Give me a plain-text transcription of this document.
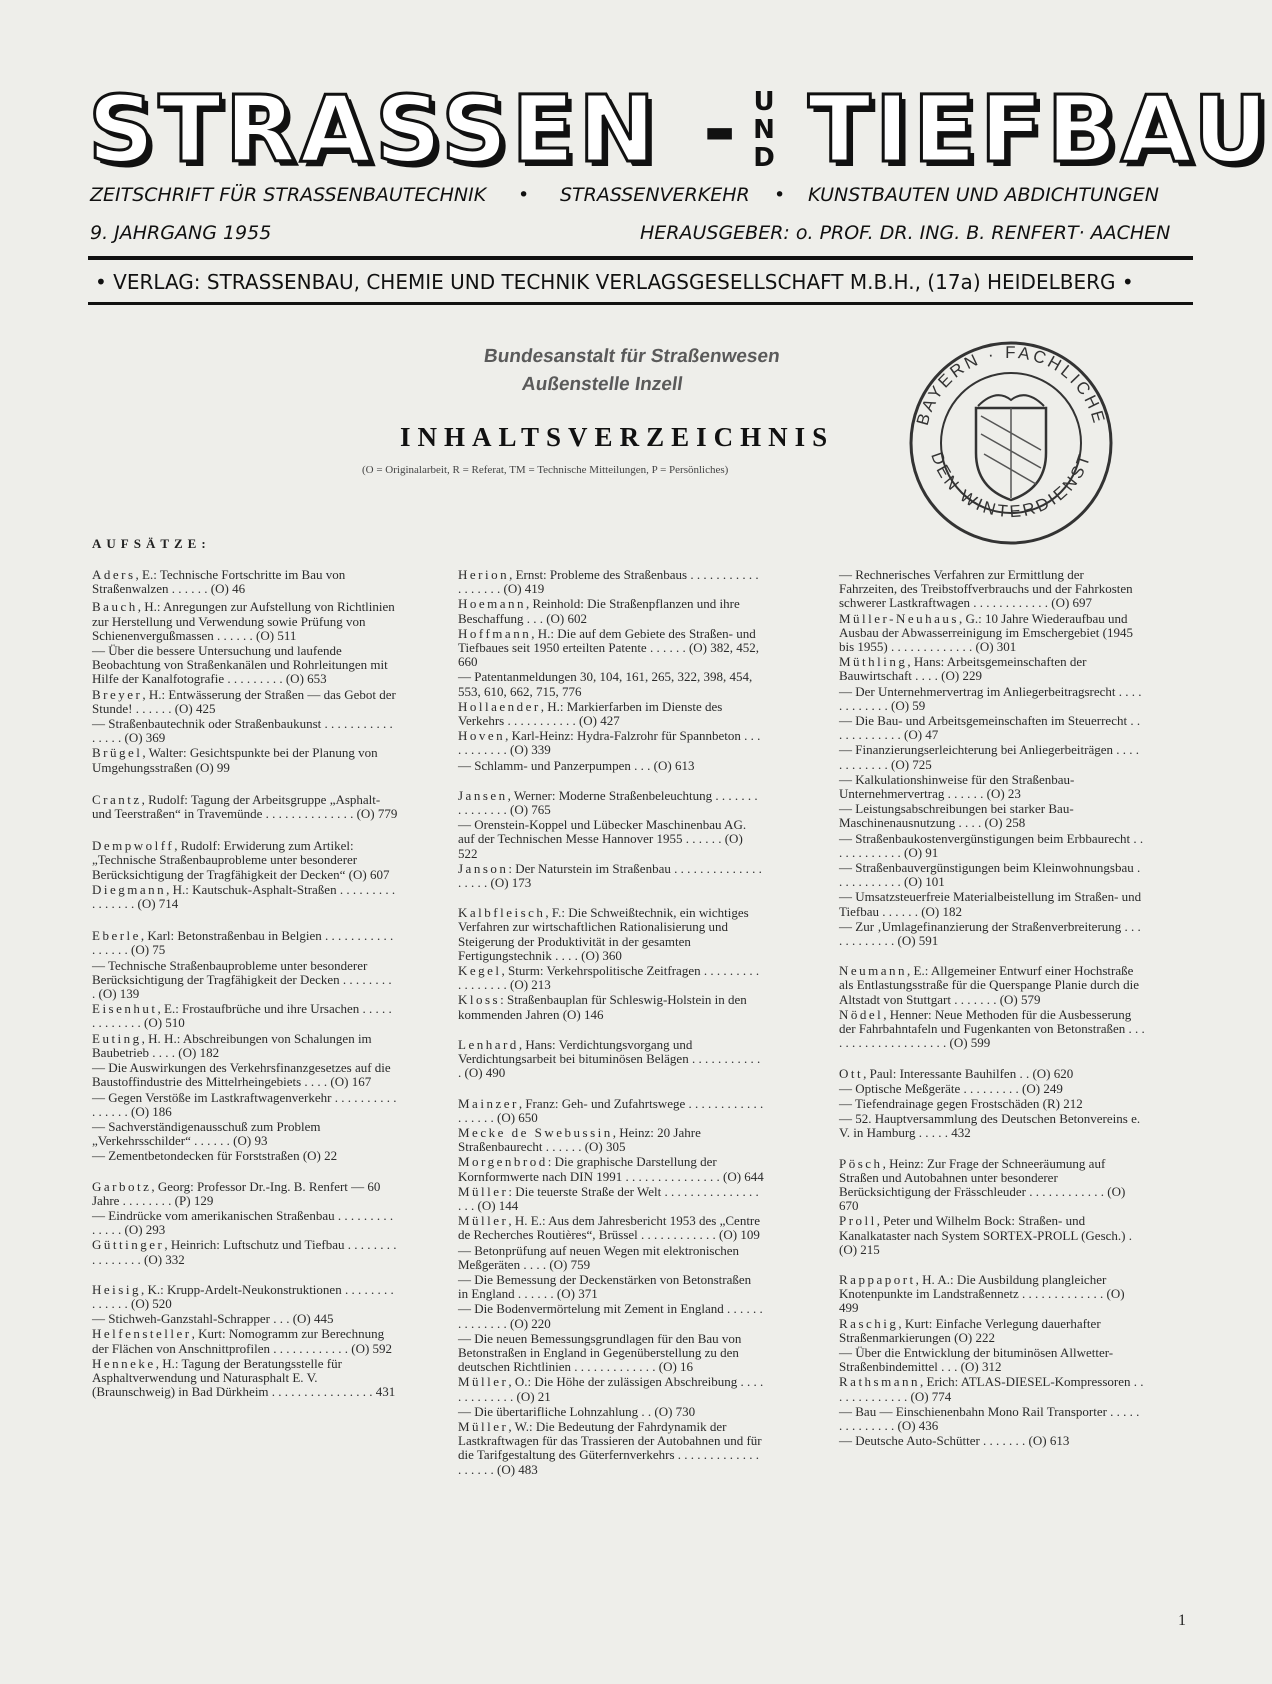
STRASSEN - U
N
D TIEFBAU
ZEITSCHRIFT FÜR STRASSENBAUTECHNIK • STRASSENVERKEHR • KUNSTBAUTEN UND ABDICHTUNGEN
9. JAHRGANG 1955	HERAUSGEBER: o. PROF. DR. ING. B. RENFERT· AACHEN
• VERLAG: STRASSENBAU, CHEMIE UND TECHNIK VERLAGSGESELLSCHAFT M.B.H., (17a) HEIDELBERG •
Bundesanstalt für Straßenwesen
Außenstelle Inzell
BAYERN · FACHLICHE
DEN WINTERDIENST
INHALTSVERZEICHNIS
(O = Originalarbeit, R = Referat, TM = Technische Mitteilungen, P = Persönliches)
AUFSÄTZE:
Aders, E.: Technische Fortschritte im Bau von Straßenwalzen . . . . . . (O) 46
Bauch, H.: Anregungen zur Aufstellung von Richtlinien zur Herstellung und Verwendung sowie Prüfung von Schienenvergußmassen . . . . . . (O) 511
— Über die bessere Untersuchung und laufende Beobachtung von Straßenkanälen und Rohrleitungen mit Hilfe der Kanalfotografie . . . . . . . . . (O) 653
Breyer, H.: Entwässerung der Straßen — das Gebot der Stunde! . . . . . . (O) 425
— Straßenbautechnik oder Straßenbaukunst . . . . . . . . . . . . . . . . (O) 369
Brügel, Walter: Gesichtspunkte bei der Planung von Umgehungsstraßen (O) 99
Crantz, Rudolf: Tagung der Arbeitsgruppe „Asphalt- und Teerstraßen“ in Travemünde . . . . . . . . . . . . . . (O) 779
Dempwolff, Rudolf: Erwiderung zum Artikel: „Technische Straßenbauprobleme unter besonderer Berücksichtigung der Tragfähigkeit der Decken“ (O) 607
Diegmann, H.: Kautschuk-Asphalt-Straßen . . . . . . . . . . . . . . . . (O) 714
Eberle, Karl: Betonstraßenbau in Belgien . . . . . . . . . . . . . . . . . (O) 75
— Technische Straßenbauprobleme unter besonderer Berücksichtigung der Tragfähigkeit der Decken . . . . . . . . . (O) 139
Eisenhut, E.: Frostaufbrüche und ihre Ursachen . . . . . . . . . . . . . (O) 510
Euting, H. H.: Abschreibungen von Schalungen im Baubetrieb . . . . (O) 182
— Die Auswirkungen des Verkehrsfinanzgesetzes auf die Baustoffindustrie des Mittelrheingebiets . . . . (O) 167
— Gegen Verstöße im Lastkraftwagenverkehr . . . . . . . . . . . . . . . . (O) 186
— Sachverständigenausschuß zum Problem „Verkehrsschilder“ . . . . . . (O) 93
— Zementbetondecken für Forststraßen (O) 22
Garbotz, Georg: Professor Dr.-Ing. B. Renfert — 60 Jahre . . . . . . . . (P) 129
— Eindrücke vom amerikanischen Straßenbau . . . . . . . . . . . . . . (O) 293
Güttinger, Heinrich: Luftschutz und Tiefbau . . . . . . . . . . . . . . . . (O) 332
Heisig, K.: Krupp-Ardelt-Neukonstruktionen . . . . . . . . . . . . . . (O) 520
— Stichweh-Ganzstahl-Schrapper . . . (O) 445
Helfensteller, Kurt: Nomogramm zur Berechnung der Flächen von Anschnittprofilen . . . . . . . . . . . . (O) 592
Henneke, H.: Tagung der Beratungsstelle für Asphaltverwendung und Naturasphalt E. V. (Braunschweig) in Bad Dürkheim . . . . . . . . . . . . . . . . 431
Herion, Ernst: Probleme des Straßenbaus . . . . . . . . . . . . . . . . . . (O) 419
Hoemann, Reinhold: Die Straßenpflanzen und ihre Beschaffung . . . (O) 602
Hoffmann, H.: Die auf dem Gebiete des Straßen- und Tiefbaues seit 1950 erteilten Patente . . . . . . (O) 382, 452, 660
— Patentanmeldungen 30, 104, 161, 265, 322, 398, 454, 553, 610, 662, 715, 776
Hollaender, H.: Markierfarben im Dienste des Verkehrs . . . . . . . . . . . (O) 427
Hoven, Karl-Heinz: Hydra-Falzrohr für Spannbeton . . . . . . . . . . . (O) 339
— Schlamm- und Panzerpumpen . . . (O) 613
Jansen, Werner: Moderne Straßenbeleuchtung . . . . . . . . . . . . . . . (O) 765
— Orenstein-Koppel und Lübecker Maschinenbau AG. auf der Technischen Messe Hannover 1955 . . . . . . (O) 522
Janson: Der Naturstein im Straßenbau . . . . . . . . . . . . . . . . . . . (O) 173
Kalbfleisch, F.: Die Schweißtechnik, ein wichtiges Verfahren zur wirtschaftlichen Rationalisierung und Steigerung der Produktivität in der gesamten Fertigungstechnik . . . . (O) 360
Kegel, Sturm: Verkehrspolitische Zeitfragen . . . . . . . . . . . . . . . . . (O) 213
Kloss: Straßenbauplan für Schleswig-Holstein in den kommenden Jahren (O) 146
Lenhard, Hans: Verdichtungsvorgang und Verdichtungsarbeit bei bituminösen Belägen . . . . . . . . . . . . (O) 490
Mainzer, Franz: Geh- und Zufahrtswege . . . . . . . . . . . . . . . . . . (O) 650
Mecke de Swebussin, Heinz: 20 Jahre Straßenbaurecht . . . . . . (O) 305
Morgenbrod: Die graphische Darstellung der Kornformwerte nach DIN 1991 . . . . . . . . . . . . . . . (O) 644
Müller: Die teuerste Straße der Welt . . . . . . . . . . . . . . . . . . (O) 144
Müller, H. E.: Aus dem Jahresbericht 1953 des „Centre de Recherches Routières“, Brüssel . . . . . . . . . . . . (O) 109
— Betonprüfung auf neuen Wegen mit elektronischen Meßgeräten . . . . (O) 759
— Die Bemessung der Deckenstärken von Betonstraßen in England . . . . . . (O) 371
— Die Bodenvermörtelung mit Zement in England . . . . . . . . . . . . . . (O) 220
— Die neuen Bemessungsgrundlagen für den Bau von Betonstraßen in England in Gegenüberstellung zu den deutschen Richtlinien . . . . . . . . . . . . . (O) 16
Müller, O.: Die Höhe der zulässigen Abschreibung . . . . . . . . . . . . . (O) 21
— Die übertarifliche Lohnzahlung . . (O) 730
Müller, W.: Die Bedeutung der Fahrdynamik der Lastkraftwagen für das Trassieren der Autobahnen und für die Tarifgestaltung des Güterfernverkehrs . . . . . . . . . . . . . . . . . . . (O) 483
— Rechnerisches Verfahren zur Ermittlung der Fahrzeiten, des Treibstoffverbrauchs und der Fahrkosten schwerer Lastkraftwagen . . . . . . . . . . . . (O) 697
Müller-Neuhaus, G.: 10 Jahre Wiederaufbau und Ausbau der Abwasserreinigung im Emschergebiet (1945 bis 1955) . . . . . . . . . . . . . (O) 301
Müthling, Hans: Arbeitsgemeinschaften der Bauwirtschaft . . . . (O) 229
— Der Unternehmervertrag im Anliegerbeitragsrecht . . . . . . . . . . . . (O) 59
— Die Bau- und Arbeitsgemeinschaften im Steuerrecht . . . . . . . . . . . . (O) 47
— Finanzierungserleichterung bei Anliegerbeiträgen . . . . . . . . . . . . (O) 725
— Kalkulationshinweise für den Straßenbau-Unternehmervertrag . . . . . . (O) 23
— Leistungsabschreibungen bei starker Bau-Maschinenausnutzung . . . . (O) 258
— Straßenbaukostenvergünstigungen beim Erbbaurecht . . . . . . . . . . . . (O) 91
— Straßenbauvergünstigungen beim Kleinwohnungsbau . . . . . . . . . . . (O) 101
— Umsatzsteuerfreie Materialbeistellung im Straßen- und Tiefbau . . . . . . (O) 182
— Zur ‚Umlagefinanzierung der Straßenverbreiterung . . . . . . . . . . . . (O) 591
Neumann, E.: Allgemeiner Entwurf einer Hochstraße als Entlastungsstraße für die Querspange Planie durch die Altstadt von Stuttgart . . . . . . . (O) 579
Nödel, Henner: Neue Methoden für die Ausbesserung der Fahrbahntafeln und Fugenkanten von Betonstraßen . . . . . . . . . . . . . . . . . . . . (O) 599
Ott, Paul: Interessante Bauhilfen . . (O) 620
— Optische Meßgeräte . . . . . . . . . (O) 249
— Tiefendrainage gegen Frostschäden (R) 212
— 52. Hauptversammlung des Deutschen Betonvereins e. V. in Hamburg . . . . . 432
Pösch, Heinz: Zur Frage der Schneeräumung auf Straßen und Autobahnen unter besonderer Berücksichtigung der Frässchleuder . . . . . . . . . . . . (O) 670
Proll, Peter und Wilhelm Bock: Straßen- und Kanalkataster nach System SORTEX-PROLL (Gesch.) . (O) 215
Rappaport, H. A.: Die Ausbildung plangleicher Knotenpunkte im Landstraßennetz . . . . . . . . . . . . . (O) 499
Raschig, Kurt: Einfache Verlegung dauerhafter Straßenmarkierungen (O) 222
— Über die Entwicklung der bituminösen Allwetter-Straßenbindemittel . . . (O) 312
Rathsmann, Erich: ATLAS-DIESEL-Kompressoren . . . . . . . . . . . . . (O) 774
— Bau — Einschienenbahn Mono Rail Transporter . . . . . . . . . . . . . . (O) 436
— Deutsche Auto-Schütter . . . . . . . (O) 613
1
